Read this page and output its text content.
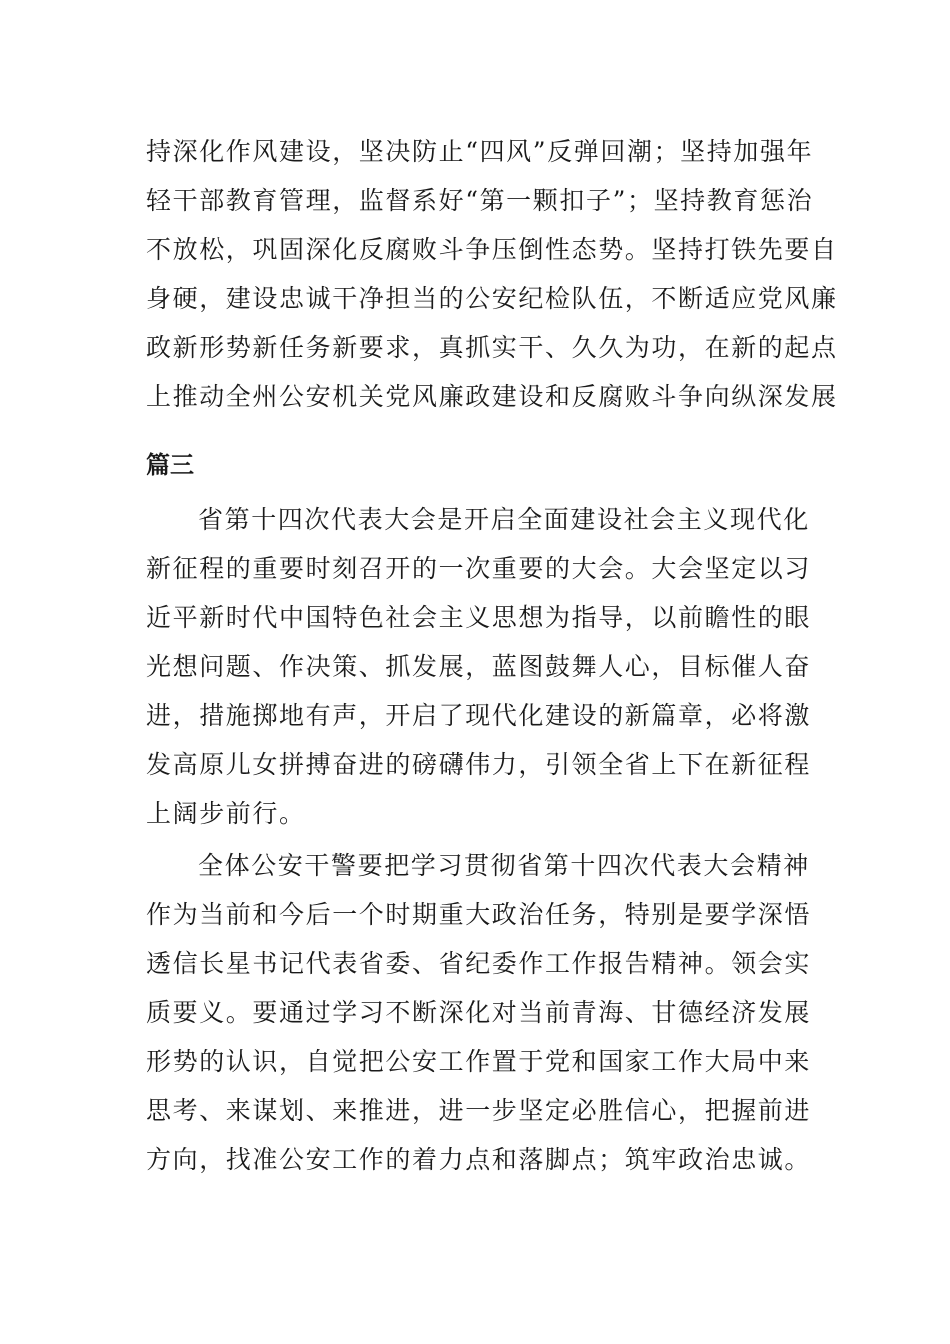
持深化作风建设，坚决防止“四风”反弹回潮；坚持加强年
轻干部教育管理，监督系好“第一颗扣子”；坚持教育惩治
不放松，巩固深化反腐败斗争压倒性态势。坚持打铁先要自
身硬，建设忠诚干净担当的公安纪检队伍，不断适应党风廉
政新形势新任务新要求，真抓实干、久久为功，在新的起点
上推动全州公安机关党风廉政建设和反腐败斗争向纵深发展
篇三
省第十四次代表大会是开启全面建设社会主义现代化
新征程的重要时刻召开的一次重要的大会。大会坚定以习
近平新时代中国特色社会主义思想为指导，以前瞻性的眼
光想问题、作决策、抓发展，蓝图鼓舞人心，目标催人奋
进，措施掷地有声，开启了现代化建设的新篇章，必将激
发高原儿女拼搏奋进的磅礴伟力，引领全省上下在新征程
上阔步前行。
全体公安干警要把学习贯彻省第十四次代表大会精神
作为当前和今后一个时期重大政治任务，特别是要学深悟
透信长星书记代表省委、省纪委作工作报告精神。领会实
质要义。要通过学习不断深化对当前青海、甘德经济发展
形势的认识，自觉把公安工作置于党和国家工作大局中来
思考、来谋划、来推进，进一步坚定必胜信心，把握前进
方向，找准公安工作的着力点和落脚点；筑牢政治忠诚。
